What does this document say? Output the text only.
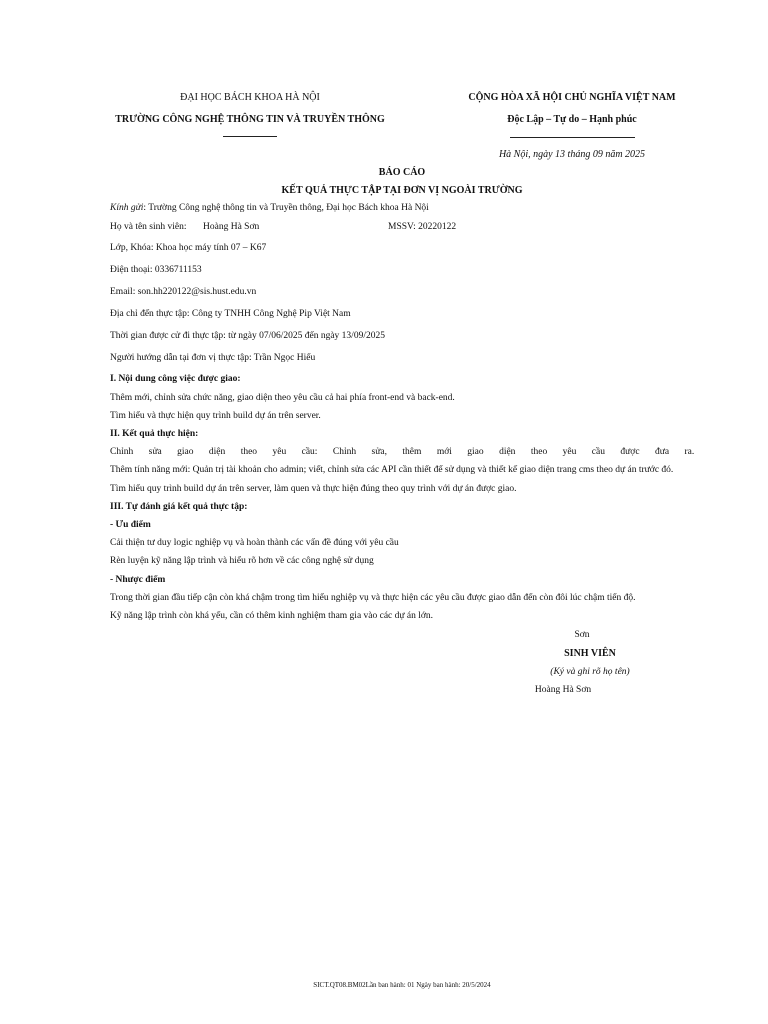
ĐẠI HỌC BÁCH KHOA HÀ NỘI
TRƯỜNG CÔNG NGHỆ THÔNG TIN VÀ TRUYỀN THÔNG
CỘNG HÒA XÃ HỘI CHỦ NGHĨA VIỆT NAM
Độc Lập – Tự do – Hạnh phúc
Hà Nội, ngày 13 tháng 09 năm 2025
BÁO CÁO
KẾT QUẢ THỰC TẬP TẠI ĐƠN VỊ NGOÀI TRƯỜNG
Kính gửi: Trường Công nghệ thông tin và Truyền thông, Đại học Bách khoa Hà Nội
Họ và tên sinh viên: Hoàng Hà Sơn	MSSV: 20220122
Lớp, Khóa: Khoa học máy tính 07 – K67
Điện thoại: 0336711153
Email: son.hh220122@sis.hust.edu.vn
Địa chỉ đến thực tập: Công ty TNHH Công Nghệ Pip Việt Nam
Thời gian được cử đi thực tập: từ ngày 07/06/2025 đến ngày 13/09/2025
Người hướng dẫn tại đơn vị thực tập: Trần Ngọc Hiếu
I. Nội dung công việc được giao:
Thêm mới, chỉnh sửa chức năng, giao diện theo yêu cầu cả hai phía front-end và back-end.
Tìm hiểu và thực hiện quy trình build dự án trên server.
II. Kết quả thực hiện:
Chỉnh sửa giao diện theo yêu cầu: Chỉnh sửa, thêm mới giao diện theo yêu cầu được đưa ra.
Thêm tính năng mới: Quản trị tài khoản cho admin; viết, chỉnh sửa các API cần thiết để sử dụng và thiết kế giao diện trang cms theo dự án trước đó.
Tìm hiểu quy trình build dự án trên server, làm quen và thực hiện đúng theo quy trình với dự án được giao.
III. Tự đánh giá kết quả thực tập:
- Ưu điểm
Cải thiện tư duy logic nghiệp vụ và hoàn thành các vấn đề đúng với yêu cầu
Rèn luyện kỹ năng lập trình và hiểu rõ hơn về các công nghệ sử dụng
- Nhược điểm
Trong thời gian đầu tiếp cận còn khá chậm trong tìm hiểu nghiệp vụ và thực hiện các yêu cầu được giao dẫn đến còn đôi lúc chậm tiến độ.
Kỹ năng lập trình còn khá yếu, cần có thêm kinh nghiệm tham gia vào các dự án lớn.
Sơn
SINH VIÊN
(Ký và ghi rõ họ tên)
Hoàng Hà Sơn
SICT.QT08.BM02Lần ban hành: 01 Ngày ban hành: 20/5/2024
